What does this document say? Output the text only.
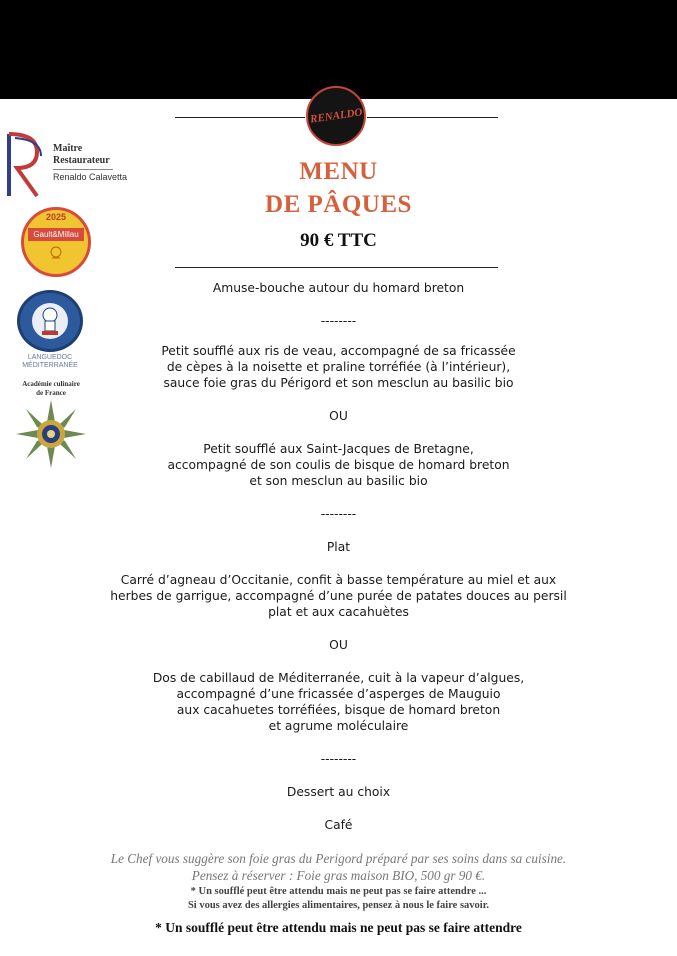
RENALDO
Maître
Restaurateur
Renaldo Calavetta
2025
Gault&Millau
LANGUEDOC
MÉDITERRANÉE
Académie culinaire
de France
MENU
DE PÂQUES
90 € TTC
Amuse-bouche autour du homard breton
--------
Petit soufflé aux ris de veau, accompagné de sa fricassée
de cèpes à la noisette et praline torréfiée (à l’intérieur),
sauce foie gras du Périgord et son mesclun au basilic bio
OU
Petit soufflé aux Saint-Jacques de Bretagne,
accompagné de son coulis de bisque de homard breton
et son mesclun au basilic bio
--------
Plat
Carré d’agneau d’Occitanie, confit à basse température au miel et aux
herbes de garrigue, accompagné d’une purée de patates douces au persil
plat et aux cacahuètes
OU
Dos de cabillaud de Méditerranée, cuit à la vapeur d’algues,
accompagné d’une fricassée d’asperges de Mauguio
aux cacahuetes torréfiées, bisque de homard breton
et agrume moléculaire
--------
Dessert au choix
Café
Le Chef vous suggère son foie gras du Perigord préparé par ses soins dans sa cuisine.
Pensez à réserver : Foie gras maison BIO, 500 gr 90 €.
* Un soufflé peut être attendu mais ne peut pas se faire attendre ...
Si vous avez des allergies alimentaires, pensez à nous le faire savoir.
* Un soufflé peut être attendu mais ne peut pas se faire attendre
